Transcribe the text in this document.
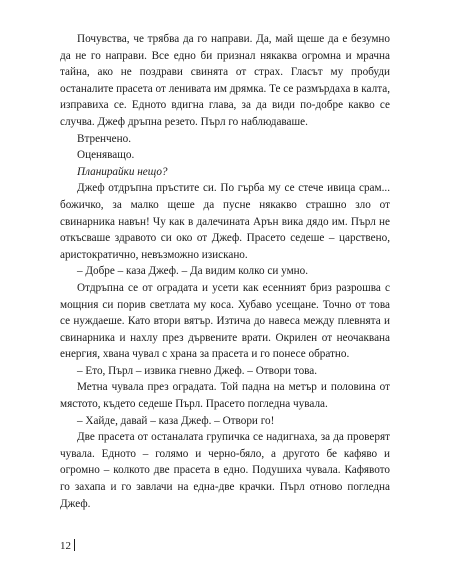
Почувства, че трябва да го направи. Да, май щеше да е безумно да не го направи. Все едно би признал някаква огромна и мрачна тайна, ако не поздрави свинята от страх. Гласът му пробуди останалите прасета от ленивата им дрямка. Те се размърдаха в калта, изправиха се. Едното вдигна глава, за да види по-добре какво се случва. Джеф дръпна резето. Пърл го наблюдаваше.

Втренчено.

Оценяващо.

Планирайки нещо?

Джеф отдръпна пръстите си. По гърба му се стече ивица срам... божичко, за малко щеше да пусне някакво страшно зло от свинарника навън! Чу как в далечината Арън вика дядо им. Пърл не откъсваше здравото си око от Джеф. Прасето седеше – царствено, аристократично, невъзможно изискано.

– Добре – каза Джеф. – Да видим колко си умно.

Отдръпна се от оградата и усети как есенният бриз разрошва с мощния си порив светлата му коса. Хубаво усещане. Точно от това се нуждаеше. Като втори вятър. Изтича до навеса между плевнята и свинарника и нахлу през дървените врати. Окрилен от неочаквана енергия, хвана чувал с храна за прасета и го понесе обратно.

– Ето, Пърл – извика гневно Джеф. – Отвори това.

Метна чувала през оградата. Той падна на метър и половина от мястото, където седеше Пърл. Прасето погледна чувала.

– Хайде, давай – каза Джеф. – Отвори го!

Две прасета от останалата групичка се надигнаха, за да проверят чувала. Едното – голямо и черно-бяло, а другото бе кафяво и огромно – колкото две прасета в едно. Подушиха чувала. Кафявото го захапа и го завлачи на една-две крачки. Пърл отново погледна Джеф.

12
